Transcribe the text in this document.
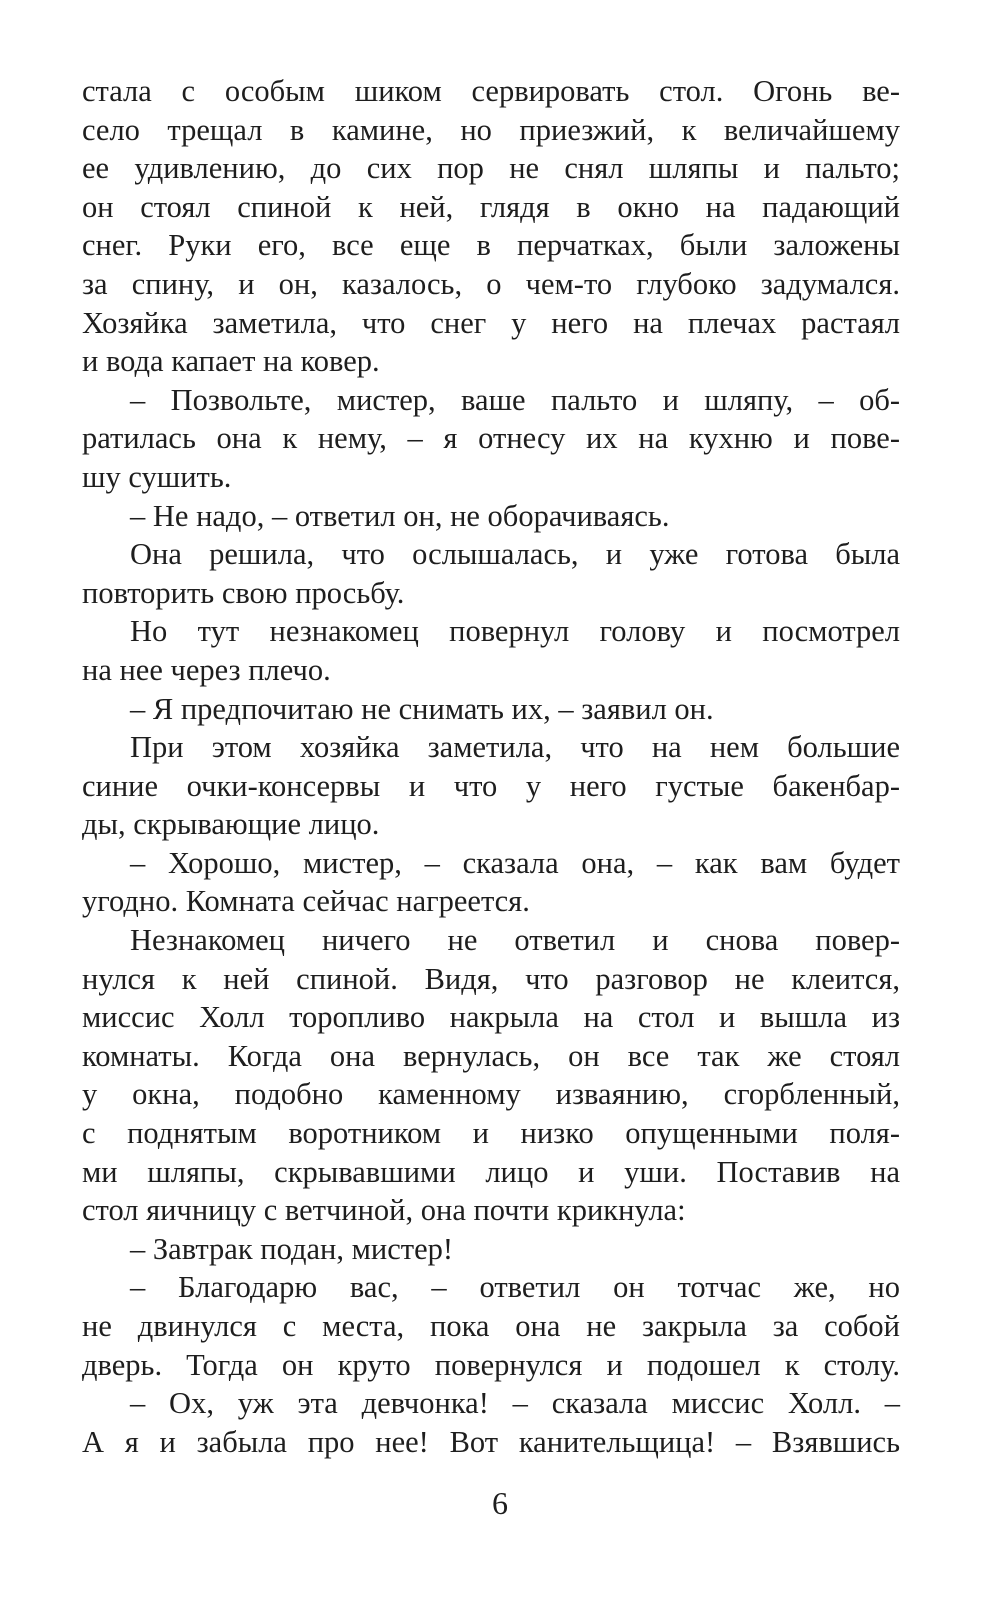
стала с особым шиком сервировать стол. Огонь ве-
село трещал в камине, но приезжий, к величайшему
ее удивлению, до сих пор не снял шляпы и пальто;
он стоял спиной к ней, глядя в окно на падающий
снег. Руки его, все еще в перчатках, были заложены
за спину, и он, казалось, о чем-то глубоко задумался.
Хозяйка заметила, что снег у него на плечах растаял
и вода капает на ковер.
– Позвольте, мистер, ваше пальто и шляпу, – об-
ратилась она к нему, – я отнесу их на кухню и пове-
шу сушить.
– Не надо, – ответил он, не оборачиваясь.
Она решила, что ослышалась, и уже готова была
повторить свою просьбу.
Но тут незнакомец повернул голову и посмотрел
на нее через плечо.
– Я предпочитаю не снимать их, – заявил он.
При этом хозяйка заметила, что на нем большие
синие очки-консервы и что у него густые бакенбар-
ды, скрывающие лицо.
– Хорошо, мистер, – сказала она, – как вам будет
угодно. Комната сейчас нагреется.
Незнакомец ничего не ответил и снова повер-
нулся к ней спиной. Видя, что разговор не клеится,
миссис Холл торопливо накрыла на стол и вышла из
комнаты. Когда она вернулась, он все так же стоял
у окна, подобно каменному изваянию, сгорбленный,
с поднятым воротником и низко опущенными поля-
ми шляпы, скрывавшими лицо и уши. Поставив на
стол яичницу с ветчиной, она почти крикнула:
– Завтрак подан, мистер!
– Благодарю вас, – ответил он тотчас же, но
не двинулся с места, пока она не закрыла за собой
дверь. Тогда он круто повернулся и подошел к столу.
– Ох, уж эта девчонка! – сказала миссис Холл. –
А я и забыла про нее! Вот канительщица! – Взявшись
6
